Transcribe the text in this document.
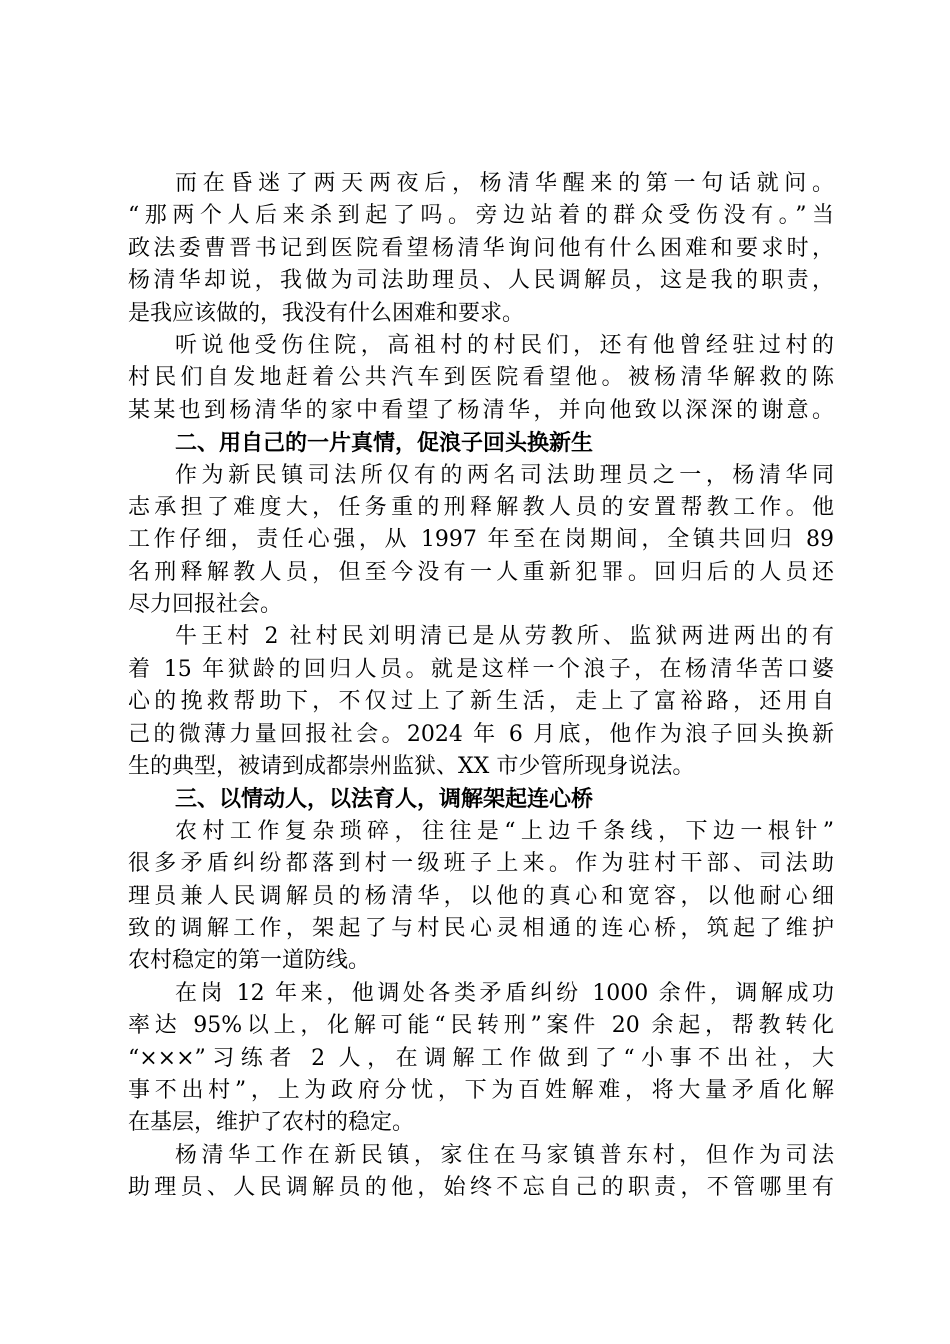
而在昏迷了两天两夜后，杨清华醒来的第一句话就问。
“那两个人后来杀到起了吗。旁边站着的群众受伤没有。”当
政法委曹晋书记到医院看望杨清华询问他有什么困难和要求时，
杨清华却说，我做为司法助理员、人民调解员，这是我的职责，
是我应该做的，我没有什么困难和要求。
听说他受伤住院，高祖村的村民们，还有他曾经驻过村的
村民们自发地赶着公共汽车到医院看望他。被杨清华解救的陈
某某也到杨清华的家中看望了杨清华，并向他致以深深的谢意。
二、用自己的一片真情，促浪子回头换新生
作为新民镇司法所仅有的两名司法助理员之一，杨清华同
志承担了难度大，任务重的刑释解教人员的安置帮教工作。他
工作仔细，责任心强，从 1997 年至在岗期间，全镇共回归 89
名刑释解教人员，但至今没有一人重新犯罪。回归后的人员还
尽力回报社会。
牛王村 2 社村民刘明清已是从劳教所、监狱两进两出的有
着 15 年狱龄的回归人员。就是这样一个浪子，在杨清华苦口婆
心的挽救帮助下，不仅过上了新生活，走上了富裕路，还用自
己的微薄力量回报社会。2024 年 6 月底，他作为浪子回头换新
生的典型，被请到成都崇州监狱、XX 市少管所现身说法。
三、以情动人，以法育人，调解架起连心桥
农村工作复杂琐碎，往往是“上边千条线，下边一根针”
很多矛盾纠纷都落到村一级班子上来。作为驻村干部、司法助
理员兼人民调解员的杨清华，以他的真心和宽容，以他耐心细
致的调解工作，架起了与村民心灵相通的连心桥，筑起了维护
农村稳定的第一道防线。
在岗 12 年来，他调处各类矛盾纠纷 1000 余件，调解成功
率达 95%以上，化解可能“民转刑”案件 20 余起，帮教转化
“×××”习练者 2 人，在调解工作做到了“小事不出社，大
事不出村”，上为政府分忧，下为百姓解难，将大量矛盾化解
在基层，维护了农村的稳定。
杨清华工作在新民镇，家住在马家镇普东村，但作为司法
助理员、人民调解员的他，始终不忘自己的职责，不管哪里有
